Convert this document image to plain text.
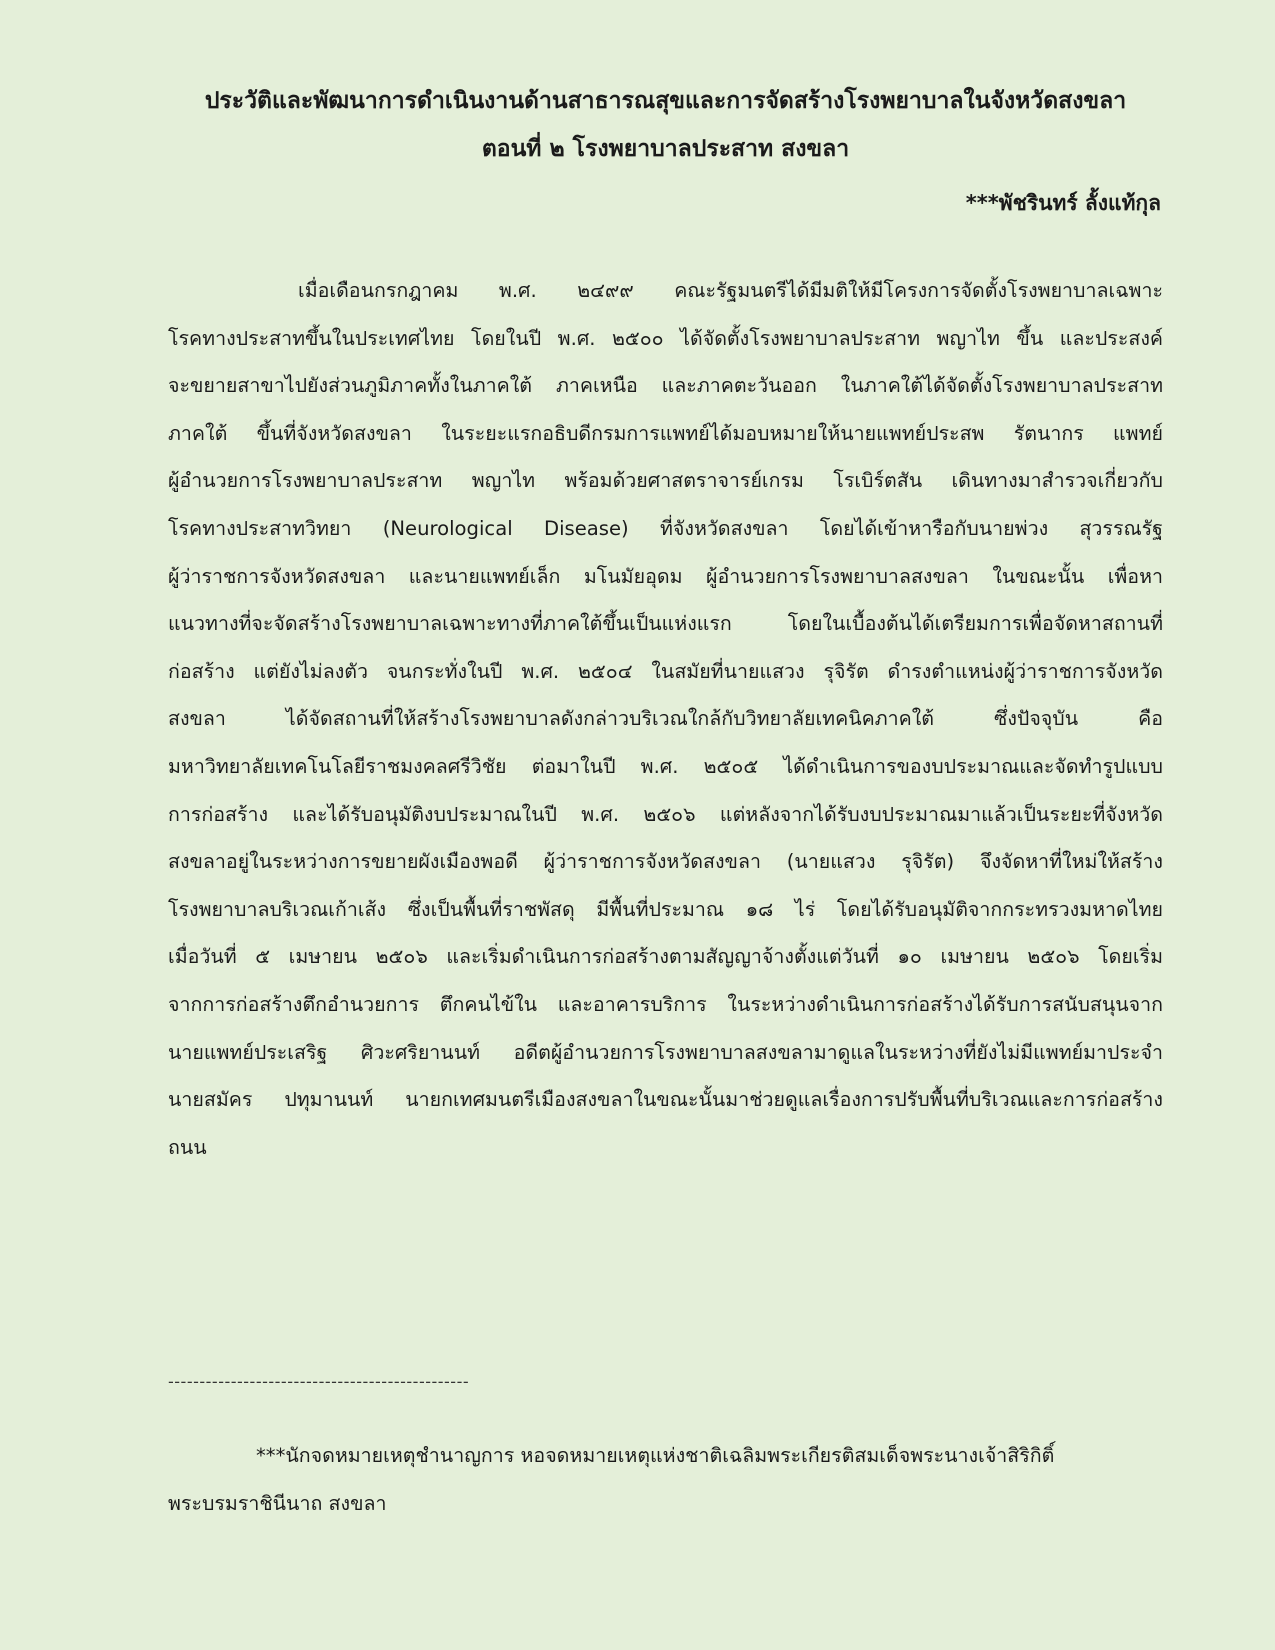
ประวัติและพัฒนาการดำเนินงานด้านสาธารณสุขและการจัดสร้างโรงพยาบาลในจังหวัดสงขลา
ตอนที่ ๒ โรงพยาบาลประสาท สงขลา
***พัชรินทร์ ลั้งแท้กุล
เมื่อเดือนกรกฎาคม พ.ศ. ๒๔๙๙ คณะรัฐมนตรีได้มีมติให้มีโครงการจัดตั้งโรงพยาบาลเฉพาะ
โรคทางประสาทขึ้นในประเทศไทย โดยในปี พ.ศ. ๒๕๐๐ ได้จัดตั้งโรงพยาบาลประสาท พญาไท ขึ้น และประสงค์
จะขยายสาขาไปยังส่วนภูมิภาคทั้งในภาคใต้ ภาคเหนือ และภาคตะวันออก ในภาคใต้ได้จัดตั้งโรงพยาบาลประสาท
ภาคใต้ ขึ้นที่จังหวัดสงขลา ในระยะแรกอธิบดีกรมการแพทย์ได้มอบหมายให้นายแพทย์ประสพ รัตนากร แพทย์
ผู้อำนวยการโรงพยาบาลประสาท พญาไท พร้อมด้วยศาสตราจารย์เกรม โรเบิร์ตสัน เดินทางมาสำรวจเกี่ยวกับ
โรคทางประสาทวิทยา (Neurological Disease) ที่จังหวัดสงขลา โดยได้เข้าหารือกับนายพ่วง สุวรรณรัฐ
ผู้ว่าราชการจังหวัดสงขลา และนายแพทย์เล็ก มโนมัยอุดม ผู้อำนวยการโรงพยาบาลสงขลา ในขณะนั้น เพื่อหา
แนวทางที่จะจัดสร้างโรงพยาบาลเฉพาะทางที่ภาคใต้ขึ้นเป็นแห่งแรก โดยในเบื้องต้นได้เตรียมการเพื่อจัดหาสถานที่
ก่อสร้าง แต่ยังไม่ลงตัว จนกระทั่งในปี พ.ศ. ๒๕๐๔ ในสมัยที่นายแสวง รุจิรัต ดำรงตำแหน่งผู้ว่าราชการจังหวัด
สงขลา ได้จัดสถานที่ให้สร้างโรงพยาบาลดังกล่าวบริเวณใกล้กับวิทยาลัยเทคนิคภาคใต้ ซึ่งปัจจุบัน คือ
มหาวิทยาลัยเทคโนโลยีราชมงคลศรีวิชัย ต่อมาในปี พ.ศ. ๒๕๐๕ ได้ดำเนินการของบประมาณและจัดทำรูปแบบ
การก่อสร้าง และได้รับอนุมัติงบประมาณในปี พ.ศ. ๒๕๐๖ แต่หลังจากได้รับงบประมาณมาแล้วเป็นระยะที่จังหวัด
สงขลาอยู่ในระหว่างการขยายผังเมืองพอดี ผู้ว่าราชการจังหวัดสงขลา (นายแสวง รุจิรัต) จึงจัดหาที่ใหม่ให้สร้าง
โรงพยาบาลบริเวณเก้าเส้ง ซึ่งเป็นพื้นที่ราชพัสดุ มีพื้นที่ประมาณ ๑๘ ไร่ โดยได้รับอนุมัติจากกระทรวงมหาดไทย
เมื่อวันที่ ๕ เมษายน ๒๕๐๖ และเริ่มดำเนินการก่อสร้างตามสัญญาจ้างตั้งแต่วันที่ ๑๐ เมษายน ๒๕๐๖ โดยเริ่ม
จากการก่อสร้างตึกอำนวยการ ตึกคนไข้ใน และอาคารบริการ ในระหว่างดำเนินการก่อสร้างได้รับการสนับสนุนจาก
นายแพทย์ประเสริฐ ศิวะศริยานนท์ อดีตผู้อำนวยการโรงพยาบาลสงขลามาดูแลในระหว่างที่ยังไม่มีแพทย์มาประจำ
นายสมัคร ปทุมานนท์ นายกเทศมนตรีเมืองสงขลาในขณะนั้นมาช่วยดูแลเรื่องการปรับพื้นที่บริเวณและการก่อสร้าง
ถนน
------------------------------------------------
***นักจดหมายเหตุชำนาญการ หอจดหมายเหตุแห่งชาติเฉลิมพระเกียรติสมเด็จพระนางเจ้าสิริกิติ์
พระบรมราชินีนาถ สงขลา
